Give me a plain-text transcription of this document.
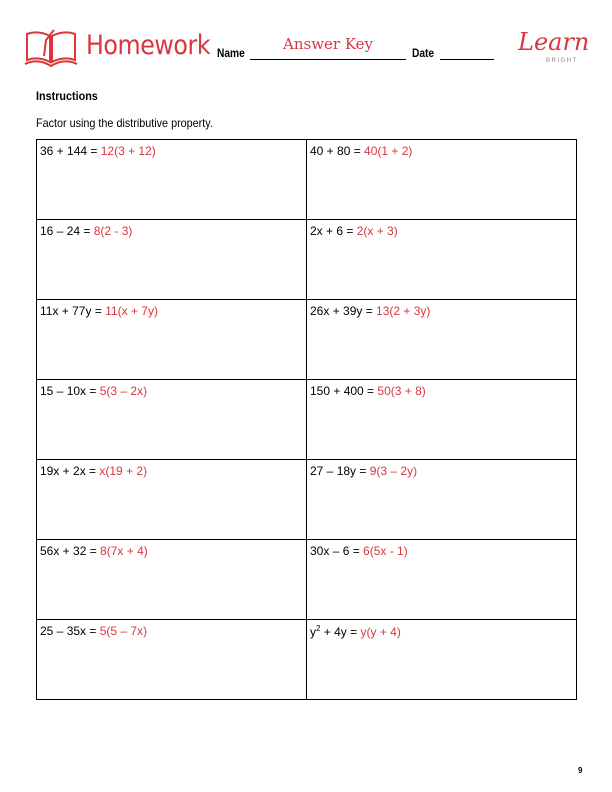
Homework Name	Answer Key	Date	Learn
BRIGHT
Instructions
Factor using the distributive property.
36 + 144 = 12(3 + 12)	40 + 80 = 40(1 + 2)
16 – 24 = 8(2 - 3)	2x + 6 = 2(x + 3)
11x + 77y = 11(x + 7y)	26x + 39y = 13(2 + 3y)
15 – 10x = 5(3 – 2x)	150 + 400 = 50(3 + 8)
19x + 2x = x(19 + 2)	27 – 18y = 9(3 – 2y)
56x + 32 = 8(7x + 4)	30x – 6 = 6(5x - 1)
25 – 35x = 5(5 – 7x)	$y^2 + 4y = y(y + 4)$
9
